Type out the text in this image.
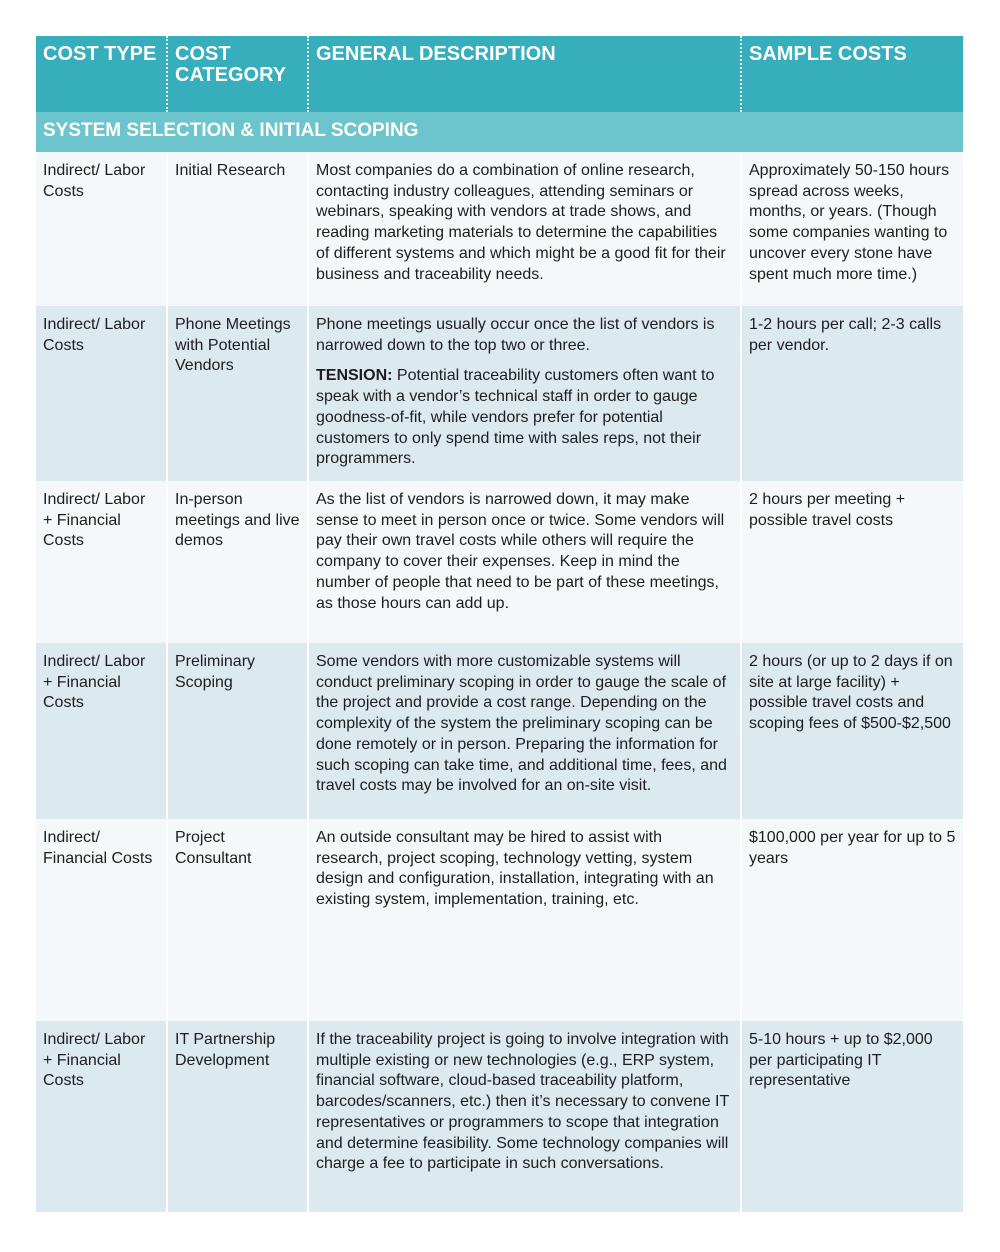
COST TYPE COST CATEGORY
GENERAL DESCRIPTION	SAMPLE COSTS
SYSTEM SELECTION & INITIAL SCOPING
Indirect/ Labor Costs
Initial Research	Most companies do a combination of online research, contacting industry colleagues, attending seminars or webinars, speaking with vendors at trade shows, and reading marketing materials to determine the capabilities of different systems and which might be a good fit for their business and traceability needs.

Approximately 50-150 hours spread across weeks, months, or years. (Though some companies wanting to uncover every stone have spent much more time.)
Indirect/ Labor Costs
Phone Meetings with Potential Vendors

Phone meetings usually occur once the list of vendors is narrowed down to the top two or three.

TENSION: Potential traceability customers often want to speak with a vendor’s technical staff in order to gauge goodness-of-fit, while vendors prefer for potential customers to only spend time with sales reps, not their programmers.

1-2 hours per call; 2-3 calls per vendor.
Indirect/ Labor + Financial Costs
In-person meetings and live demos

As the list of vendors is narrowed down, it may make sense to meet in person once or twice. Some vendors will pay their own travel costs while others will require the company to cover their expenses. Keep in mind the number of people that need to be part of these meetings, as those hours can add up.

2 hours per meeting + possible travel costs
Indirect/ Labor + Financial Costs
Preliminary Scoping

Some vendors with more customizable systems will conduct preliminary scoping in order to gauge the scale of the project and provide a cost range. Depending on the complexity of the system the preliminary scoping can be done remotely or in person. Preparing the information for such scoping can take time, and additional time, fees, and travel costs may be involved for an on-site visit.

2 hours (or up to 2 days if on site at large facility) + possible travel costs and scoping fees of $500-$2,500
Indirect/ Financial Costs
Project Consultant

An outside consultant may be hired to assist with research, project scoping, technology vetting, system design and configuration, installation, integrating with an existing system, implementation, training, etc.

$100,000 per year for up to 5 years
Indirect/ Labor + Financial Costs
IT Partnership Development

If the traceability project is going to involve integration with multiple existing or new technologies (e.g., ERP system, financial software, cloud-based traceability platform, barcodes/scanners, etc.) then it’s necessary to convene IT representatives or programmers to scope that integration and determine feasibility. Some technology companies will charge a fee to participate in such conversations.

5-10 hours + up to $2,000 per participating IT representative
